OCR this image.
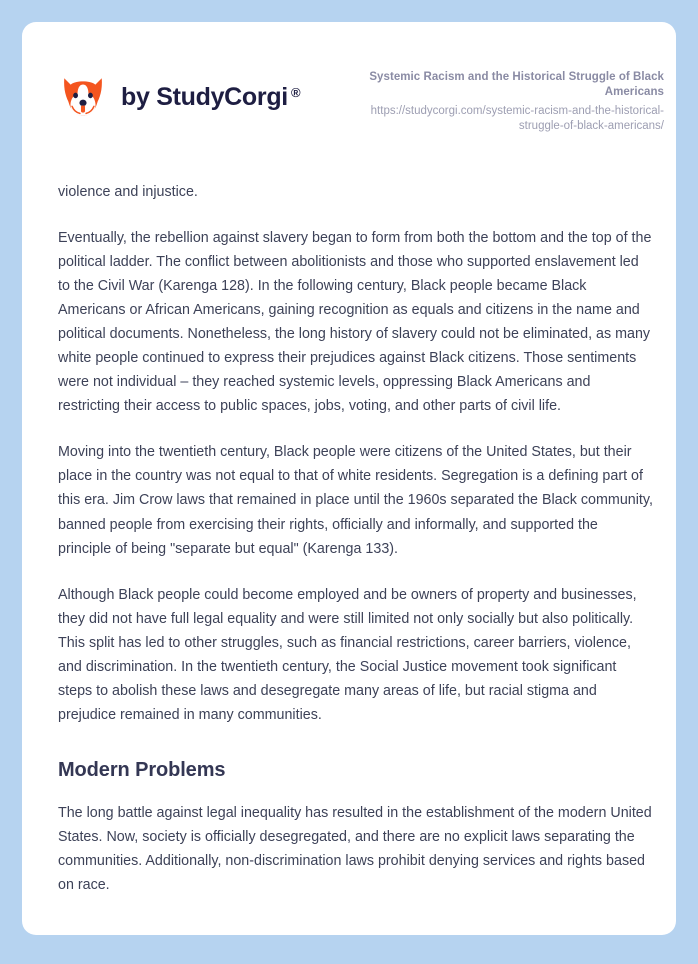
by StudyCorgi ®

Systemic Racism and the Historical Struggle of Black Americans

https://studycorgi.com/systemic-racism-and-the-historical-struggle-of-black-americans/

violence and injustice.

Eventually, the rebellion against slavery began to form from both the bottom and the top of the political ladder. The conflict between abolitionists and those who supported enslavement led to the Civil War (Karenga 128). In the following century, Black people became Black Americans or African Americans, gaining recognition as equals and citizens in the name and political documents. Nonetheless, the long history of slavery could not be eliminated, as many white people continued to express their prejudices against Black citizens. Those sentiments were not individual – they reached systemic levels, oppressing Black Americans and restricting their access to public spaces, jobs, voting, and other parts of civil life.

Moving into the twentieth century, Black people were citizens of the United States, but their place in the country was not equal to that of white residents. Segregation is a defining part of this era. Jim Crow laws that remained in place until the 1960s separated the Black community, banned people from exercising their rights, officially and informally, and supported the principle of being "separate but equal" (Karenga 133).

Although Black people could become employed and be owners of property and businesses, they did not have full legal equality and were still limited not only socially but also politically. This split has led to other struggles, such as financial restrictions, career barriers, violence, and discrimination. In the twentieth century, the Social Justice movement took significant steps to abolish these laws and desegregate many areas of life, but racial stigma and prejudice remained in many communities.

Modern Problems

The long battle against legal inequality has resulted in the establishment of the modern United States. Now, society is officially desegregated, and there are no explicit laws separating the communities. Additionally, non-discrimination laws prohibit denying services and rights based on race.
